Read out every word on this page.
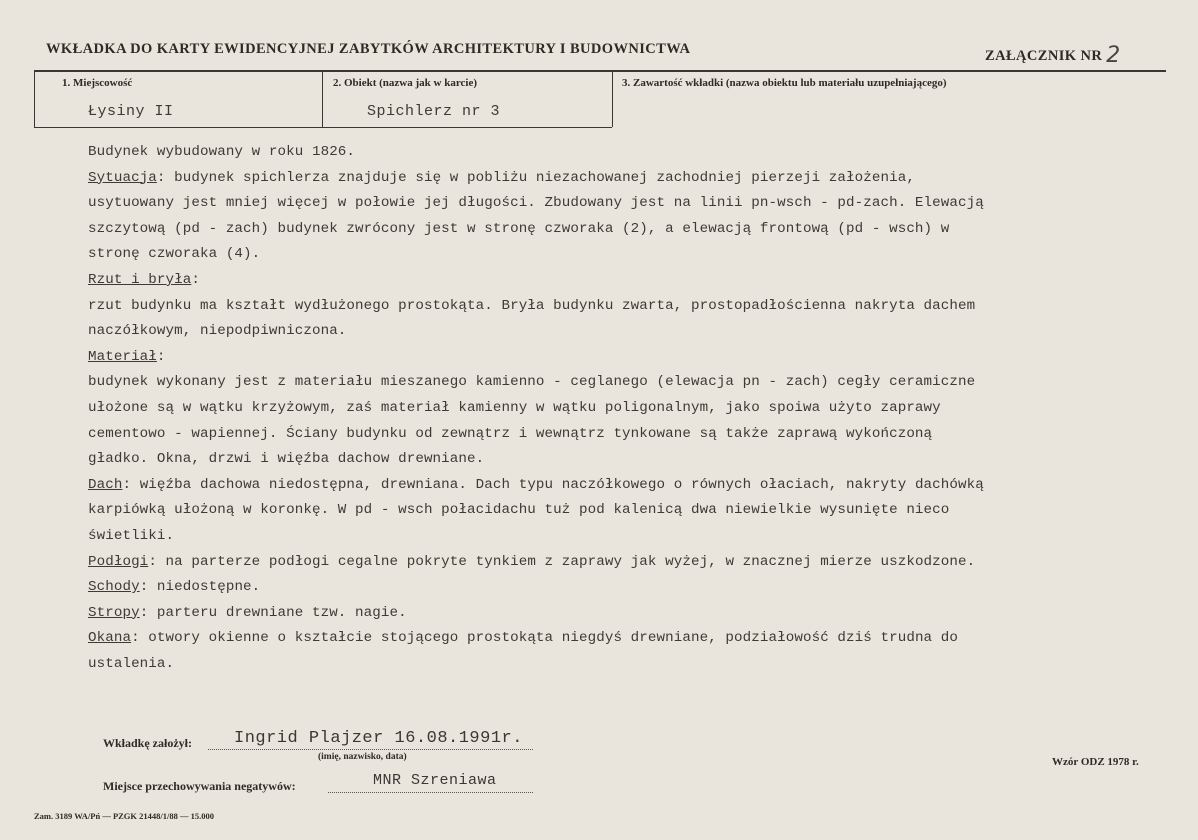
WKŁADKA DO KARTY EWIDENCYJNEJ ZABYTKÓW ARCHITEKTURY I BUDOWNICTWA	ZAŁĄCZNIK NR 2
1. Miejscowość
Łysiny II
2. Obiekt (nazwa jak w karcie)
Spichlerz nr 3
3. Zawartość wkładki (nazwa obiektu lub materiału uzupełniającego)
Budynek wybudowany w roku 1826.
Sytuacja: budynek spichlerza znajduje się w pobliżu niezachowanej zachodniej pierzeji założenia,
usytuowany jest mniej więcej w połowie jej długości. Zbudowany jest na linii pn-wsch - pd-zach. Elewacją
szczytową (pd - zach) budynek zwrócony jest w stronę czworaka (2), a elewacją frontową (pd - wsch) w
stronę czworaka (4).
Rzut i bryła:
rzut budynku ma kształt wydłużonego prostokąta. Bryła budynku zwarta, prostopadłościenna nakryta dachem
naczółkowym, niepodpiwniczona.
Materiał:
budynek wykonany jest z materiału mieszanego kamienno - ceglanego (elewacja pn - zach) cegły ceramiczne
ułożone są w wątku krzyżowym, zaś materiał kamienny w wątku poligonalnym, jako spoiwa użyto zaprawy
cementowo - wapiennej. Ściany budynku od zewnątrz i wewnątrz tynkowane są także zaprawą wykończoną
gładko. Okna, drzwi i więźba dachow drewniane.
Dach: więźba dachowa niedostępna, drewniana. Dach typu naczółkowego o równych ołaciach, nakryty dachówką
karpiówką ułożoną w koronkę. W pd - wsch połacidachu tuż pod kalenicą dwa niewielkie wysunięte nieco
świetliki.
Podłogi: na parterze podłogi cegalne pokryte tynkiem z zaprawy jak wyżej, w znacznej mierze uszkodzone.
Schody: niedostępne.
Stropy: parteru drewniane tzw. nagie.
Okana: otwory okienne o kształcie stojącego prostokąta niegdyś drewniane, podziałowość dziś trudna do
ustalenia.
Wkładkę założył: Ingrid Plajzer 16.08.1991r.
(imię, nazwisko, data)
Miejsce przechowywania negatywów:	MNR Szreniawa
Wzór ODZ 1978 r.
Zam. 3189 WA/Pń — PZGK 21448/1/88 — 15.000
